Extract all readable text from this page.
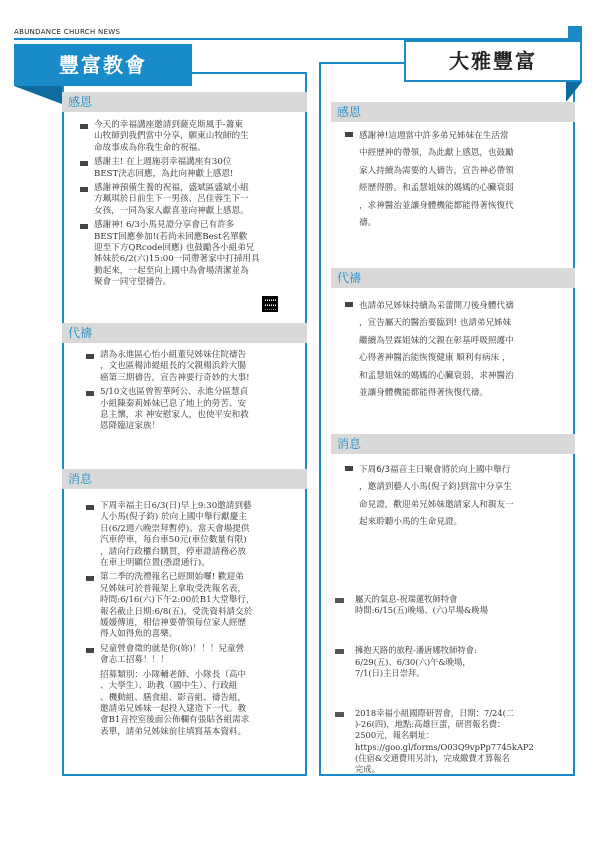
ABUNDANCE CHURCH NEWS
豐富教會
感恩

今天的幸福講座邀請到薩克斯風手-蕭東

山牧師到我們當中分享，願東山牧師的生

命故事成為你我生命的祝福。

感謝主! 在上週施羽幸福講座有30位

BEST決志回應，為此向神獻上感恩!

感謝神預備生養的祝福，盛斌區盛斌小組

方珮琪於日前生下一男孩、呂佳蓉生下一

女孩，一同為家人獻喜並向神獻上感恩。

感謝神! 6/3小馬見證分享會已有許多

BEST回應參加!(若尚未回應Best名單歡

迎至下方QRcode回應) 也鼓勵各小組弟兄

姊妹於6/2(六)15:00一同帶著家中打掃用具

動起來，一起至向上國中為會場清潔並為

聚會一同守望禱告。

代禱

請為永進區心怡小組董兒姊妹住院禱告

，文也區楊沛緹組長的父親楊浜鈴大腸

癌第三期禱告，宣告神要行奇妙的大事!

5/10文也區曾智華阿公、永進分區慧貞

小組陳秦莉姊妹已息了地上的勞苦、安

息主懷，求 神安慰家人，也使平安和救

恩降臨這家族！

消息

下周幸福主日6/3(日)早上9:30邀請到藝

人小馬(倪子鈞) 於向上國中舉行獻慶主

日(6/2週六晚崇拜暫停)。當天會場提供

汽車停車，每台車50元(車位數量有限)

，請向行政櫃台購買，停車證請務必放

在車上明顯位置(憑證通行)。

第二季的洗禮報名已經開始囉! 歡迎弟

兄姊妹可於普報架上拿取受洗報名表，

時間:6/16(六)下午2:00於B1大堂舉行，

報名截止日期:6/8(五)，受洗資料請交於

媛媛傳道，相信神要帶領每位家人經歷

得人如得魚的喜樂。

兒童營會徵的就是你(妳)！！！兒童營

會志工招募！！！

招募類別：小隊輔老師、小隊長（高中

、大學生）、助教（國中生）、行政組

、機動組、膳食組、影音組、禱告組，

邀請弟兄姊妹一起投入建造下一代。教

會B1音控室後面公佈欄有張貼各組需求

表單，請弟兄姊妹前往填寫基本資料。

大雅豐富
感恩

感謝神!這週當中許多弟兄姊妹在生活當

中經歷神的帶領，為此獻上感恩，也鼓勵

家人持續為需要的人禱告，宣告神必帶領

經歷得勝。和孟慧姐妹的媽媽的心臟衰弱

，求神醫治並讓身體機能都能得著恢復代

禱。

代禱

也請弟兄姊妹持續為采蕾開刀後身體代禱

，宣告屬天的醫治要臨到! 也請弟兄姊妹

繼續為昱霖姐妹的父親在彰基呼吸照護中

心得著神醫治能恢復健康 順利有病床 ，

和孟慧姐妹的媽媽的心臟衰弱，求神醫治

並讓身體機能都能得著恢復代禱。

消息

下周6/3福音主日聚會將於向上國中舉行

，邀請到藝人小馬(倪子鈞)到當中分享生

命見證，歡迎弟兄姊妹邀請家人和親友一

起來聆聽小馬的生命見證。

屬天的氣息-祝瑞蓮牧師特會

時間:6/15(五)晚場、(六)早場&晚場

擁抱天路的旅程-潘唐娜牧師特會:

6/29(五)、6/30(六)午&晚場，

7/1(日)主日崇拜。

2018幸福小組國際研習會，日期：7/24(二

)-26(四)，地點:高雄巨蛋，研習報名費：

2500元，報名網址：

https://goo.gl/forms/O03Q9vpPp7745kAP2

(住宿&交通費用另計)，完成繳費才算報名

完成。
